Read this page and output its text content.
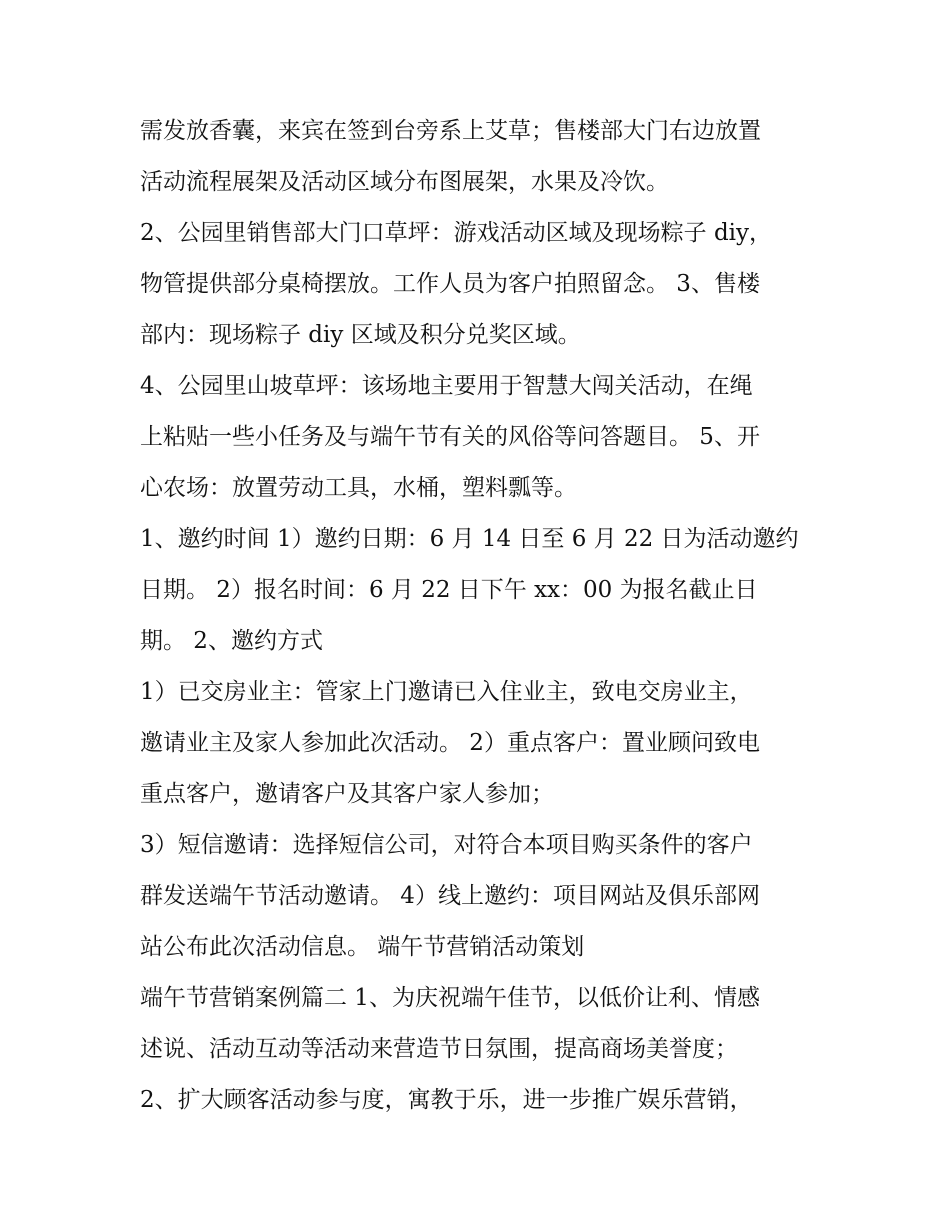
需发放香囊，来宾在签到台旁系上艾草；售楼部大门右边放置
活动流程展架及活动区域分布图展架，水果及冷饮。
2、公园里销售部大门口草坪：游戏活动区域及现场粽子 diy，
物管提供部分桌椅摆放。工作人员为客户拍照留念。 3、售楼
部内：现场粽子 diy 区域及积分兑奖区域。
4、公园里山坡草坪：该场地主要用于智慧大闯关活动，在绳
上粘贴一些小任务及与端午节有关的风俗等问答题目。 5、开
心农场：放置劳动工具，水桶，塑料瓢等。
1、邀约时间 1）邀约日期：6 月 14 日至 6 月 22 日为活动邀约
日期。 2）报名时间：6 月 22 日下午 xx：00 为报名截止日
期。 2、邀约方式
1）已交房业主：管家上门邀请已入住业主，致电交房业主，
邀请业主及家人参加此次活动。 2）重点客户：置业顾问致电
重点客户，邀请客户及其客户家人参加；
3）短信邀请：选择短信公司，对符合本项目购买条件的客户
群发送端午节活动邀请。 4）线上邀约：项目网站及俱乐部网
站公布此次活动信息。 端午节营销活动策划
端午节营销案例篇二 1、为庆祝端午佳节，以低价让利、情感
述说、活动互动等活动来营造节日氛围，提高商场美誉度；
2、扩大顾客活动参与度，寓教于乐，进一步推广娱乐营销，
